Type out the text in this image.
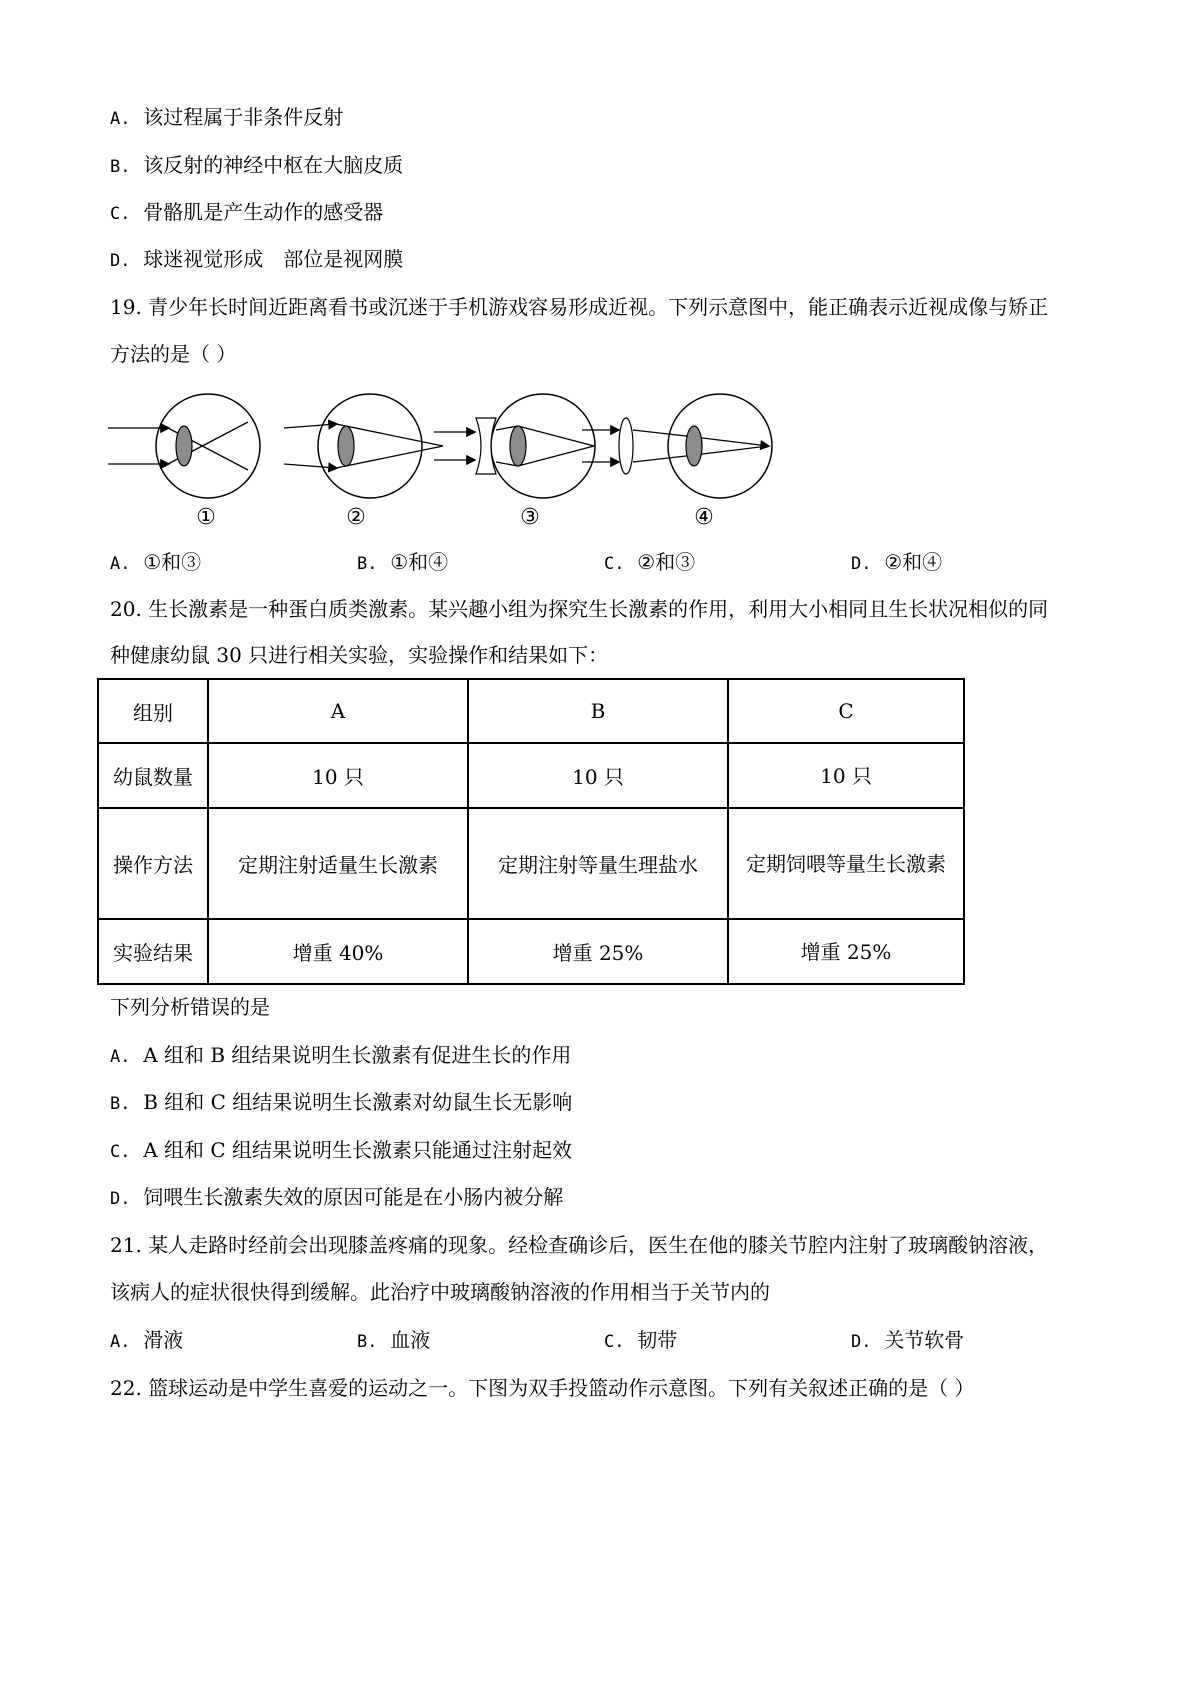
A. 该过程属于非条件反射
B. 该反射的神经中枢在大脑皮质
C. 骨骼肌是产生动作的感受器
D. 球迷视觉形成　部位是视网膜
19. 青少年长时间近距离看书或沉迷于手机游戏容易形成近视。下列示意图中，能正确表示近视成像与矫正
方法的是（ ）
①	②	③	④
A. ①和③	B. ①和④	C. ②和③	D. ②和④
20. 生长激素是一种蛋白质类激素。某兴趣小组为探究生长激素的作用，利用大小相同且生长状况相似的同
种健康幼鼠 30 只进行相关实验，实验操作和结果如下：
组别	A	B	C
幼鼠数量	10 只	10 只	10 只
操作方法	定期注射适量生长激素	定期注射等量生理盐水	定期饲喂等量生长激素
实验结果	增重 40%	增重 25%	增重 25%
下列分析错误的是
A. A 组和 B 组结果说明生长激素有促进生长的作用
B. B 组和 C 组结果说明生长激素对幼鼠生长无影响
C. A 组和 C 组结果说明生长激素只能通过注射起效
D. 饲喂生长激素失效的原因可能是在小肠内被分解
21. 某人走路时经前会出现膝盖疼痛的现象。经检查确诊后，医生在他的膝关节腔内注射了玻璃酸钠溶液，
该病人的症状很快得到缓解。此治疗中玻璃酸钠溶液的作用相当于关节内的
A. 滑液	B. 血液	C. 韧带	D. 关节软骨
22. 篮球运动是中学生喜爱的运动之一。下图为双手投篮动作示意图。下列有关叙述正确的是（ ）
